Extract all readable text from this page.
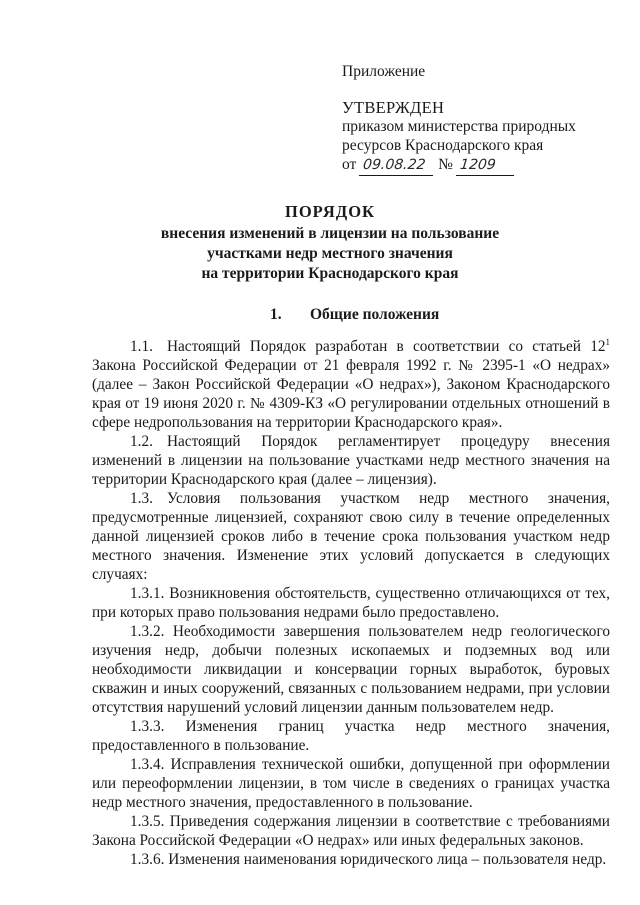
Приложение
УТВЕРЖДЕН
приказом министерства природных
ресурсов Краснодарского края
от 09.08.22 № 1209
ПОРЯДОК
внесения изменений в лицензии на пользование
участками недр местного значения
на территории Краснодарского края
1. Общие положения

1.1. Настоящий Порядок разработан в соответствии со статьей $12^1$ Закона Российской Федерации от 21 февраля 1992 г. № 2395-1 «О недрах» (далее – Закон Российской Федерации «О недрах»), Законом Краснодарского края от 19 июня 2020 г. № 4309-КЗ «О регулировании отдельных отношений в сфере недропользования на территории Краснодарского края».

1.2. Настоящий Порядок регламентирует процедуру внесения изменений в лицензии на пользование участками недр местного значения на территории Краснодарского края (далее – лицензия).

1.3. Условия пользования участком недр местного значения, предусмотренные лицензией, сохраняют свою силу в течение определенных данной лицензией сроков либо в течение срока пользования участком недр местного значения. Изменение этих условий допускается в следующих случаях:

1.3.1. Возникновения обстоятельств, существенно отличающихся от тех, при которых право пользования недрами было предоставлено.

1.3.2. Необходимости завершения пользователем недр геологического изучения недр, добычи полезных ископаемых и подземных вод или необходимости ликвидации и консервации горных выработок, буровых скважин и иных сооружений, связанных с пользованием недрами, при условии отсутствия нарушений условий лицензии данным пользователем недр.

1.3.3. Изменения границ участка недр местного значения, предоставленного в пользование.

1.3.4. Исправления технической ошибки, допущенной при оформлении или переоформлении лицензии, в том числе в сведениях о границах участка недр местного значения, предоставленного в пользование.

1.3.5. Приведения содержания лицензии в соответствие с требованиями Закона Российской Федерации «О недрах» или иных федеральных законов.

1.3.6. Изменения наименования юридического лица – пользователя недр.
